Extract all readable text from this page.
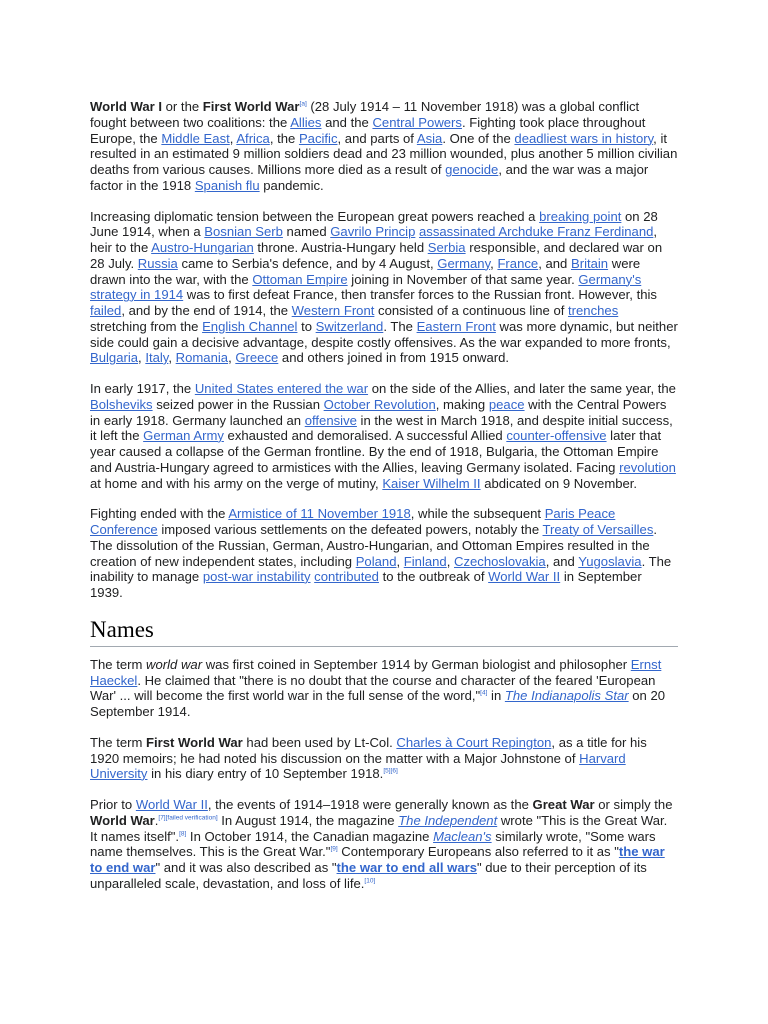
World War I or the First World War[a] (28 July 1914 – 11 November 1918) was a global conflict fought between two coalitions: the Allies and the Central Powers. Fighting took place throughout Europe, the Middle East, Africa, the Pacific, and parts of Asia. One of the deadliest wars in history, it resulted in an estimated 9 million soldiers dead and 23 million wounded, plus another 5 million civilian deaths from various causes. Millions more died as a result of genocide, and the war was a major factor in the 1918 Spanish flu pandemic.

Increasing diplomatic tension between the European great powers reached a breaking point on 28 June 1914, when a Bosnian Serb named Gavrilo Princip assassinated Archduke Franz Ferdinand, heir to the Austro-Hungarian throne. Austria-Hungary held Serbia responsible, and declared war on 28 July. Russia came to Serbia's defence, and by 4 August, Germany, France, and Britain were drawn into the war, with the Ottoman Empire joining in November of that same year. Germany's strategy in 1914 was to first defeat France, then transfer forces to the Russian front. However, this failed, and by the end of 1914, the Western Front consisted of a continuous line of trenches stretching from the English Channel to Switzerland. The Eastern Front was more dynamic, but neither side could gain a decisive advantage, despite costly offensives. As the war expanded to more fronts, Bulgaria, Italy, Romania, Greece and others joined in from 1915 onward.

In early 1917, the United States entered the war on the side of the Allies, and later the same year, the Bolsheviks seized power in the Russian October Revolution, making peace with the Central Powers in early 1918. Germany launched an offensive in the west in March 1918, and despite initial success, it left the German Army exhausted and demoralised. A successful Allied counter-offensive later that year caused a collapse of the German frontline. By the end of 1918, Bulgaria, the Ottoman Empire and Austria-Hungary agreed to armistices with the Allies, leaving Germany isolated. Facing revolution at home and with his army on the verge of mutiny, Kaiser Wilhelm II abdicated on 9 November.

Fighting ended with the Armistice of 11 November 1918, while the subsequent Paris Peace Conference imposed various settlements on the defeated powers, notably the Treaty of Versailles. The dissolution of the Russian, German, Austro-Hungarian, and Ottoman Empires resulted in the creation of new independent states, including Poland, Finland, Czechoslovakia, and Yugoslavia. The inability to manage post-war instability contributed to the outbreak of World War II in September 1939.

Names

The term world war was first coined in September 1914 by German biologist and philosopher Ernst Haeckel. He claimed that "there is no doubt that the course and character of the feared 'European War' ... will become the first world war in the full sense of the word,"[4] in The Indianapolis Star on 20 September 1914.

The term First World War had been used by Lt-Col. Charles à Court Repington, as a title for his 1920 memoirs; he had noted his discussion on the matter with a Major Johnstone of Harvard University in his diary entry of 10 September 1918.[5][6]

Prior to World War II, the events of 1914–1918 were generally known as the Great War or simply the World War.[7][failed verification] In August 1914, the magazine The Independent wrote "This is the Great War. It names itself".[8] In October 1914, the Canadian magazine Maclean's similarly wrote, "Some wars name themselves. This is the Great War."[9] Contemporary Europeans also referred to it as "the war to end war" and it was also described as "the war to end all wars" due to their perception of its unparalleled scale, devastation, and loss of life.[10]
